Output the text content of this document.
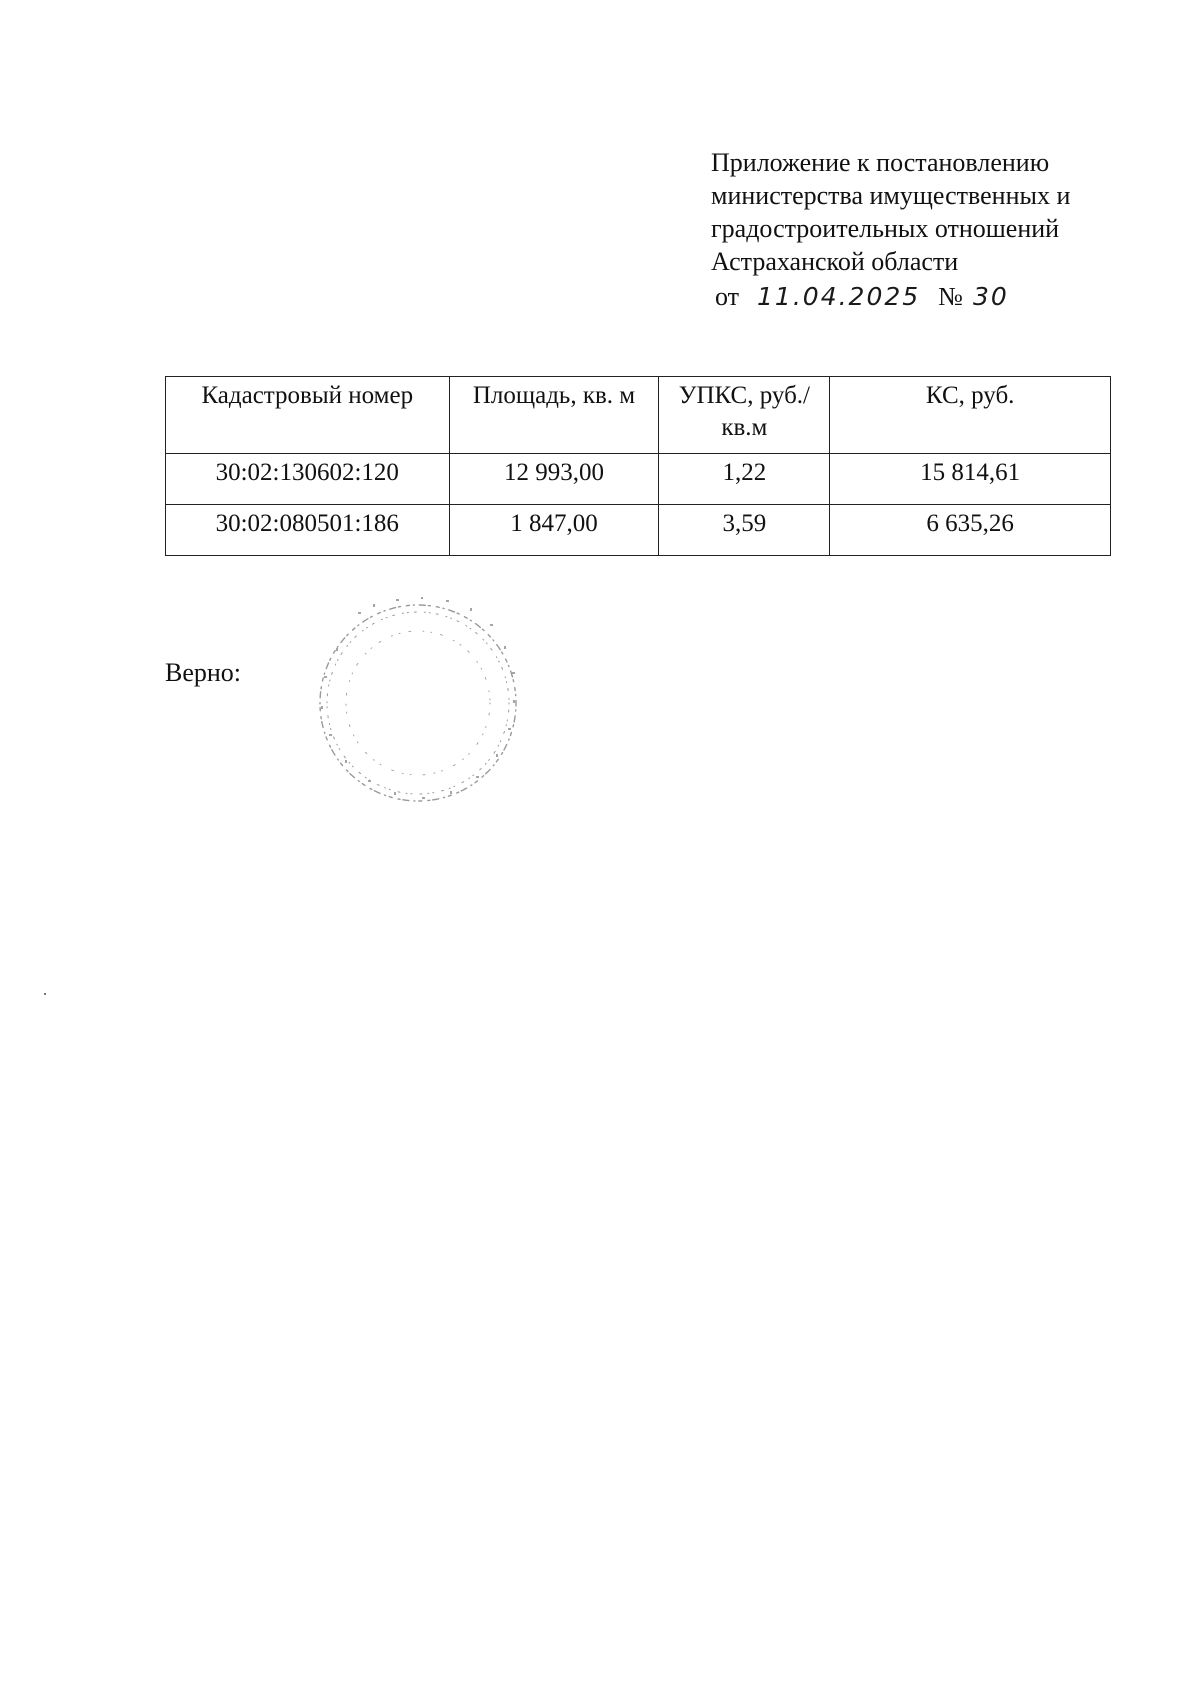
Приложение к постановлению
министерства имущественных и
градостроительных отношений
Астраханской области
от 11.04.2025 № 30
Кадастровый номер	Площадь, кв. м	УПКС, руб./кв.м	КС, руб.
30:02:130602:120	12 993,00	1,22	15 814,61
30:02:080501:186	1 847,00	3,59	6 635,26
Верно:
